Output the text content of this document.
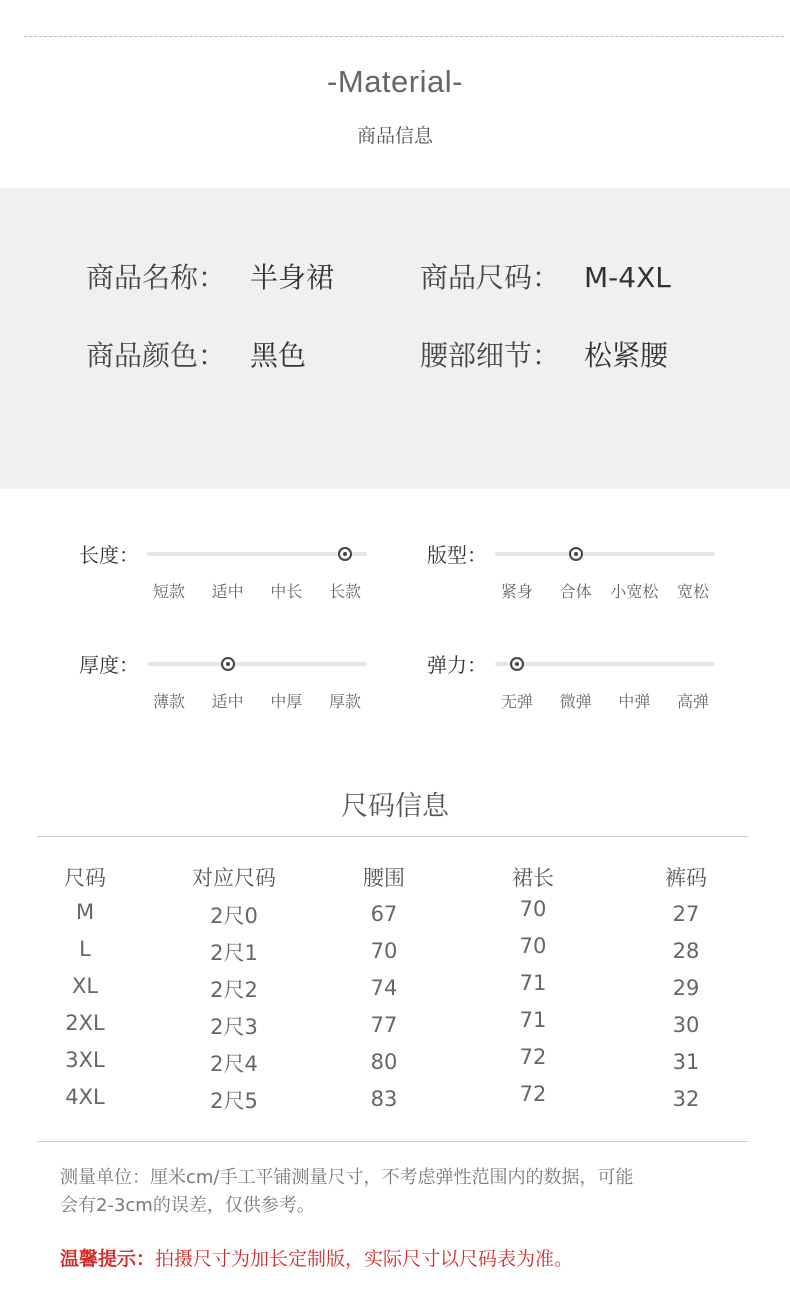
-Material-
商品信息
商品名称： 半身裙	商品尺码： M-4XL
商品颜色： 黑色	腰部细节： 松紧腰
长度：
短款 适中 中长 长款
版型：
紧身 合体 小宽松 宽松
厚度：
薄款 适中 中厚 厚款
弹力：
无弹 微弹 中弹 高弹
尺码信息
尺码	对应尺码	腰围	裙长	裤码
M	2尺0	67	70	27
L	2尺1	70	70	28
XL	2尺2	74	71	29
2XL	2尺3	77	71	30
3XL	2尺4	80	72	31
4XL	2尺5	83	72	32
测量单位：厘米cm/手工平铺测量尺寸，不考虑弹性范围内的数据，可能
会有2-3cm的误差，仅供参考。
温馨提示：拍摄尺寸为加长定制版，实际尺寸以尺码表为准。
